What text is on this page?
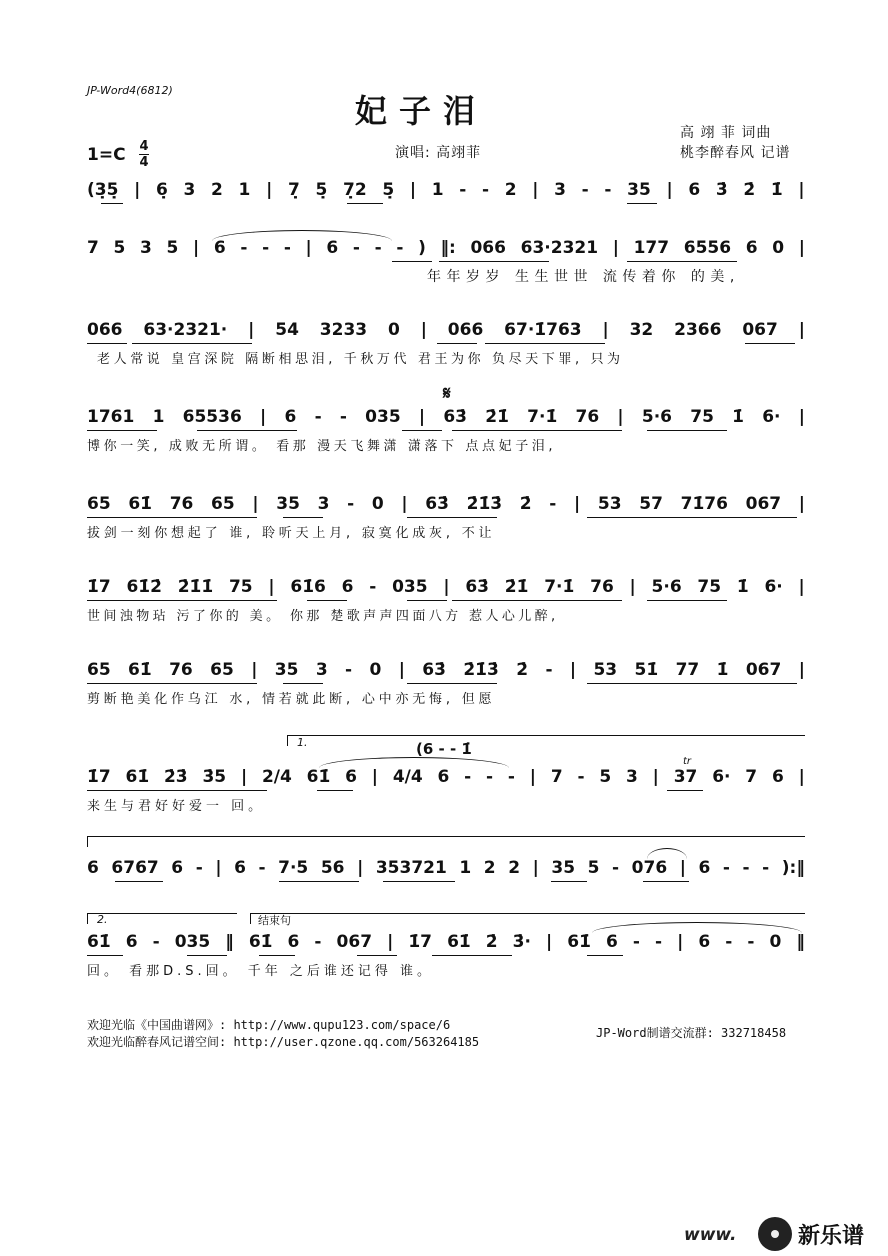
JP-Word4(6812)
妃子泪
高 翊 菲 词曲
桃李醉春风 记谱
演唱: 高翊菲
1=C 4
4
(3̣5̣ | 6̣ 3 2 1 | 7̣ 5̣ 7̣2 5̣ | 1 - - 2 | 3 - - 35 | 6 3̇ 2̇ 1̇ |
7 5 3 5 | 6 - - - | 6 - - - ) ‖: 066 63·2321 | 177 6556 6 0 |
年年岁岁 生生世世 流传着你 的美,
066 63·2321· | 54 3233 0 | 066 67·1̇763 | 32 2366 067 |
老人常说 皇宫深院 隔断相思泪, 千秋万代 君王为你 负尽天下罪, 只为
𝄋
1761 1 65536 | 6 - - 035 | 63̇ 2̇1̇ 7·1̇ 76 | 5·6 75 1̇ 6· |
博你一笑, 成败无所谓。 看那 漫天飞舞潇 潇落下 点点妃子泪,
65 61̇ 76 65 | 35 3 - 0 | 63̇ 2̇1̇3̇ 2̇ - | 53 57 71̇76 067 |
拔剑一刻你想起了 谁, 聆听天上月, 寂寞化成灰, 不让
1̇7 61̇2̇ 2̇1̇1̇ 75 | 61̇6 6 - 035 | 63̇ 2̇1̇ 7·1̇ 76 | 5·6 75 1̇ 6· |
世间浊物玷 污了你的 美。 你那 楚歌声声四面八方 惹人心儿醉,
65 61̇ 76 65 | 35 3 - 0 | 63̇ 2̇1̇3̇ 2̇ - | 53 51̇ 77 1̇ 067 |
剪断艳美化作乌江 水, 情若就此断, 心中亦无悔, 但愿
1.	(6 - - 1̇
1̇7 61̇ 2̇3̇ 3̇5 | 2/4 61̇ 6 | 4/4 6 - - - | 7 - 5 3 | 37 6· 7 6 |
tr
来生与君好好爱一 回。
6 6767 6 - | 6 - 7·5 56 | 353721 1 2 2 | 35 5 - 076 | 6 - - - ):‖
2.	结束句
61̇ 6 - 035 ‖ 61̇ 6 - 067 | 1̇7 61̇ 2̇ 3̇· | 61̇ 6 - - | 6 - - 0 ‖
回。 看那D.S.回。 千年 之后谁还记得 谁。
欢迎光临《中国曲谱网》: http://www.qupu123.com/space/6
欢迎光临醉春风记谱空间: http://user.qzone.qq.com/563264185
JP-Word制谱交流群: 332718458
www.	新乐谱
